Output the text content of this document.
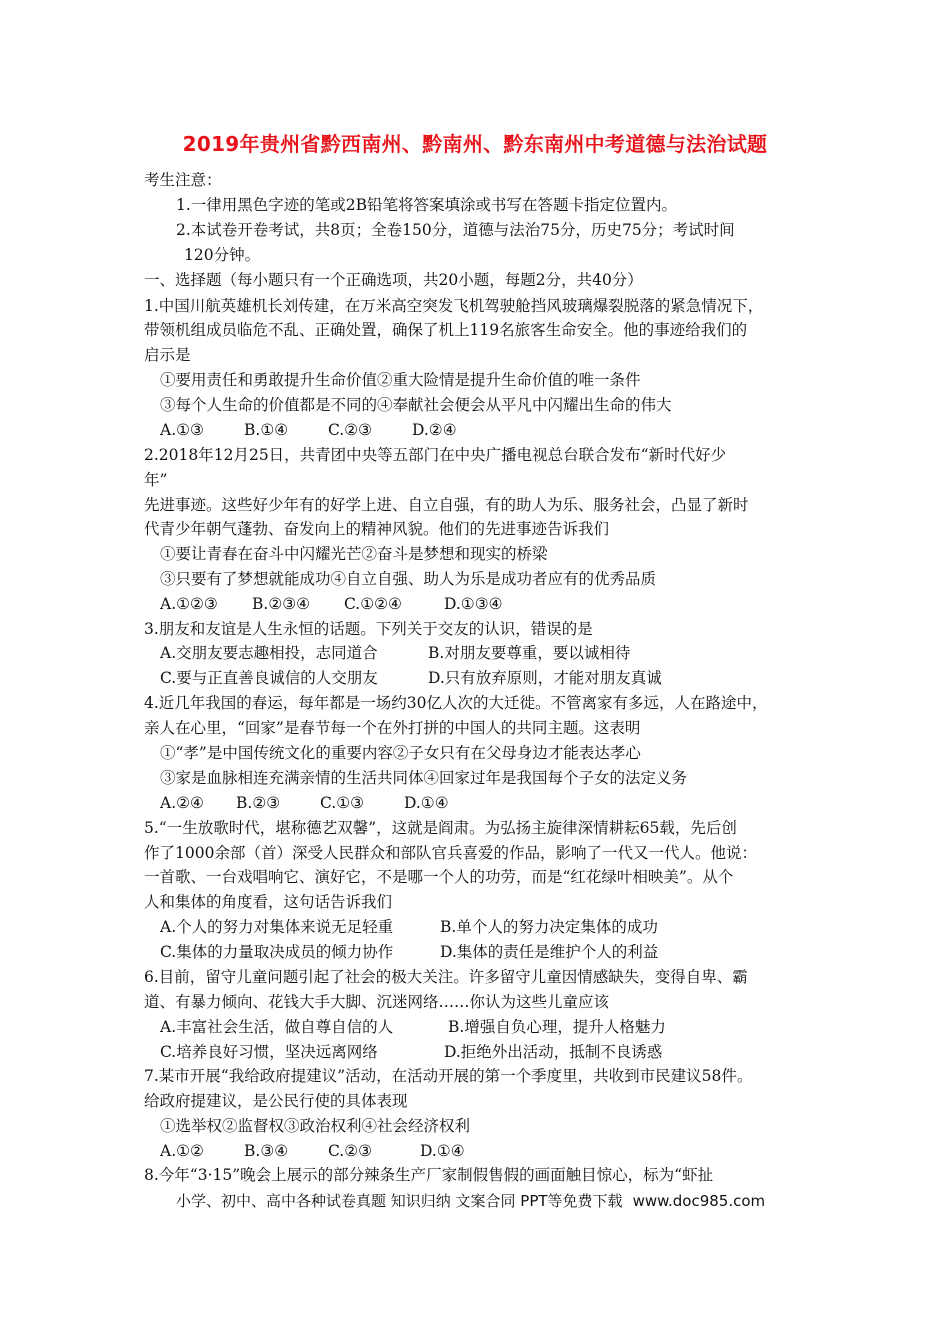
2019年贵州省黔西南州、黔南州、黔东南州中考道德与法治试题
考生注意：
1.一律用黑色字迹的笔或2B铅笔将答案填涂或书写在答题卡指定位置内。
2.本试卷开卷考试，共8页；全卷150分，道德与法治75分，历史75分；考试时间
120分钟。
一、选择题（每小题只有一个正确选项，共20小题，每题2分，共40分）
1.中国川航英雄机长刘传建，在万米高空突发飞机驾驶舱挡风玻璃爆裂脱落的紧急情况下，
带领机组成员临危不乱、正确处置，确保了机上119名旅客生命安全。他的事迹给我们的
启示是
①要用责任和勇敢提升生命价值②重大险情是提升生命价值的唯一条件
③每个人生命的价值都是不同的④奉献社会便会从平凡中闪耀出生命的伟大
A.①③	B.①④	C.②③	D.②④
2.2018年12月25日，共青团中央等五部门在中央广播电视总台联合发布“新时代好少
年”
先进事迹。这些好少年有的好学上进、自立自强，有的助人为乐、服务社会，凸显了新时
代青少年朝气蓬勃、奋发向上的精神风貌。他们的先进事迹告诉我们
①要让青春在奋斗中闪耀光芒②奋斗是梦想和现实的桥梁
③只要有了梦想就能成功④自立自强、助人为乐是成功者应有的优秀品质
A.①②③ B.②③④ C.①②④	D.①③④
3.朋友和友谊是人生永恒的话题。下列关于交友的认识，错误的是
A.交朋友要志趣相投，志同道合	B.对朋友要尊重，要以诚相待
C.要与正直善良诚信的人交朋友	D.只有放弃原则，才能对朋友真诚
4.近几年我国的春运，每年都是一场约30亿人次的大迁徙。不管离家有多远，人在路途中，
亲人在心里，“回家”是春节每一个在外打拼的中国人的共同主题。这表明
①“孝”是中国传统文化的重要内容②子女只有在父母身边才能表达孝心
③家是血脉相连充满亲情的生活共同体④回家过年是我国每个子女的法定义务
A.②④ B.②③	C.①③	D.①④
5.“一生放歌时代，堪称德艺双馨”，这就是阎肃。为弘扬主旋律深情耕耘65载，先后创
作了1000余部（首）深受人民群众和部队官兵喜爱的作品，影响了一代又一代人。他说：
一首歌、一台戏唱响它、演好它，不是哪一个人的功劳，而是“红花绿叶相映美”。从个
人和集体的角度看，这句话告诉我们
A.个人的努力对集体来说无足轻重	B.单个人的努力决定集体的成功
C.集体的力量取决成员的倾力协作	D.集体的责任是维护个人的利益
6.目前，留守儿童问题引起了社会的极大关注。许多留守儿童因情感缺失，变得自卑、霸
道、有暴力倾向、花钱大手大脚、沉迷网络……你认为这些儿童应该
A.丰富社会生活，做自尊自信的人	B.增强自负心理，提升人格魅力
C.培养良好习惯，坚决远离网络	D.拒绝外出活动，抵制不良诱惑
7.某市开展“我给政府提建议”活动，在活动开展的第一个季度里，共收到市民建议58件。
给政府提建议，是公民行使的具体表现
①选举权②监督权③政治权利④社会经济权利
A.①②	B.③④	C.②③	D.①④
8.今年“3·15”晚会上展示的部分辣条生产厂家制假售假的画面触目惊心，标为“虾扯
小学、初中、高中各种试卷真题 知识归纳 文案合同 PPT等免费下载 www.doc985.com
